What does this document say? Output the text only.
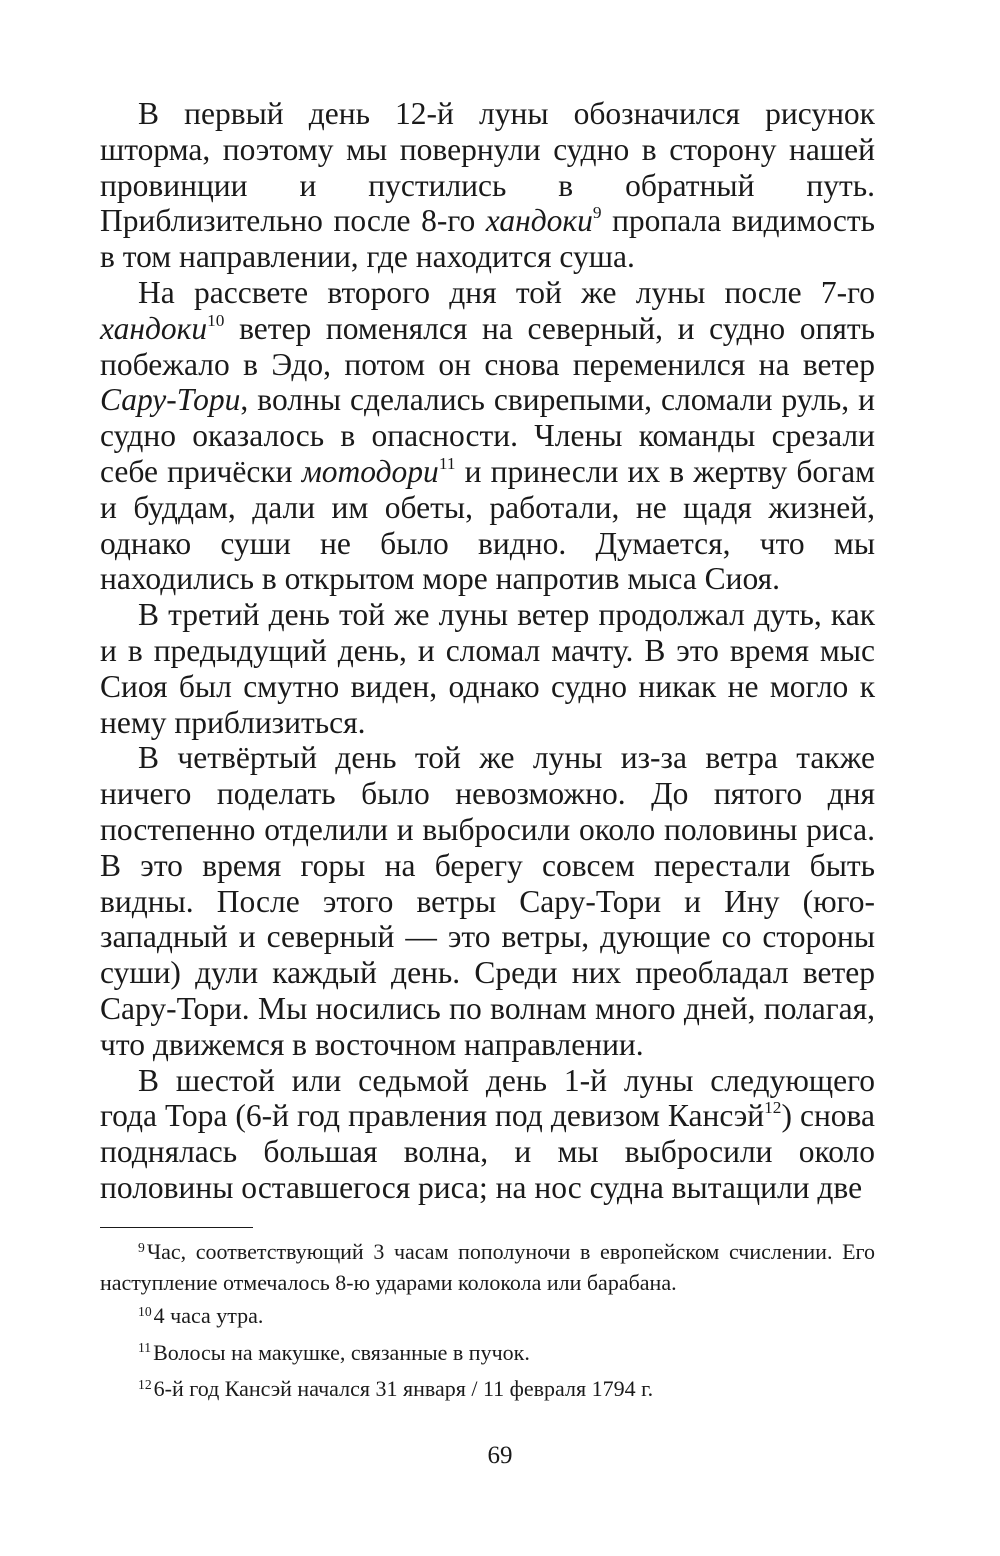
В первый день 12-й луны обозначился рисунок шторма, поэтому мы повернули судно в сторону нашей провинции и пустились в обратный путь. Приблизительно после 8-го хандоки$^9$ пропала видимость в том направлении, где находится суша.

На рассвете второго дня той же луны после 7-го хандоки$^{10}$ ветер поменялся на северный, и судно опять побежало в Эдо, потом он снова переменился на ветер Сару-Тори, волны сделались свирепыми, сломали руль, и судно оказалось в опасности. Члены команды срезали себе причёски мотодори$^{11}$ и принесли их в жертву богам и буддам, дали им обеты, работали, не щадя жизней, однако суши не было видно. Думается, что мы находились в открытом море напротив мыса Сиоя.

В третий день той же луны ветер продолжал дуть, как и в предыдущий день, и сломал мачту. В это время мыс Сиоя был смутно виден, однако судно никак не могло к нему приблизиться.

В четвёртый день той же луны из-за ветра также ничего поделать было невозможно. До пятого дня постепенно отделили и выбросили около половины риса. В это время горы на берегу совсем перестали быть видны. После этого ветры Сару-Тори и Ину (юго-западный и северный — это ветры, дующие со стороны суши) дули каждый день. Среди них преобладал ветер Сару-Тори. Мы носились по волнам много дней, полагая, что движемся в восточном направлении.

В шестой или седьмой день 1-й луны следующего года Тора (6-й год правления под девизом Кансэй$^{12}$) снова поднялась большая волна, и мы выбросили около половины оставшегося риса; на нос судна вытащили две

$^9$Час, соответствующий 3 часам пополуночи в европейском счислении. Его наступление отмечалось 8-ю ударами колокола или барабана.

$^{10}$4 часа утра.

$^{11}$Волосы на макушке, связанные в пучок.

$^{12}$6-й год Кансэй начался 31 января / 11 февраля 1794 г.

69
